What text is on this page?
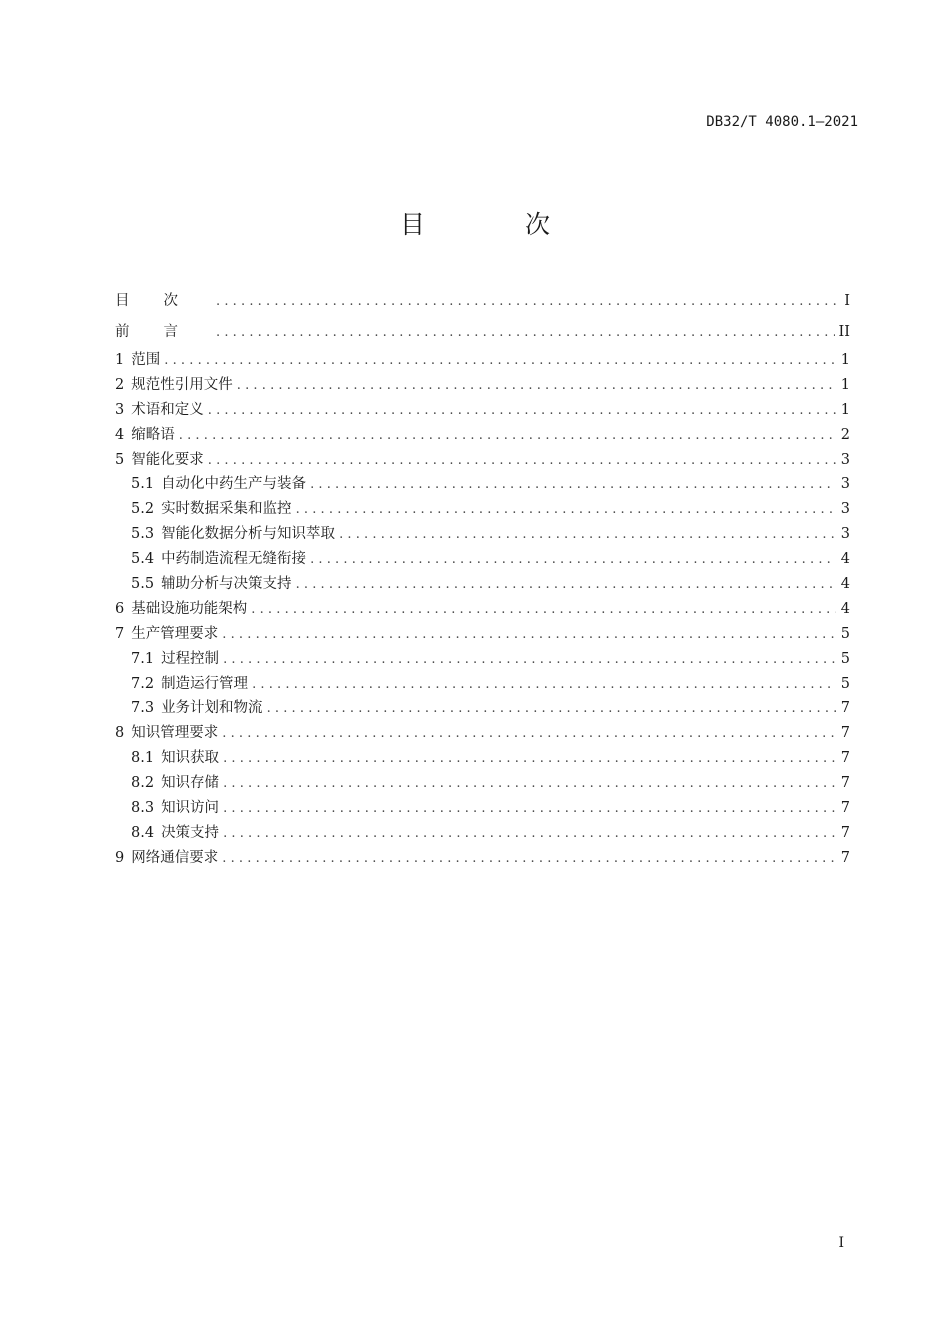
DB32/T 4080.1—2021
目 次
目次 .....	I
前言 .....	II
1 范围 .....	1
2 规范性引用文件 .....	1
3 术语和定义 .....	1
4 缩略语 .....	2
5 智能化要求 .....	3
5.1 自动化中药生产与装备 .....	3
5.2 实时数据采集和监控 .....	3
5.3 智能化数据分析与知识萃取 .....	3
5.4 中药制造流程无缝衔接 .....	4
5.5 辅助分析与决策支持 .....	4
6 基础设施功能架构 .....	4
7 生产管理要求 .....	5
7.1 过程控制 .....	5
7.2 制造运行管理 .....	5
7.3 业务计划和物流 .....	7
8 知识管理要求 .....	7
8.1 知识获取 .....	7
8.2 知识存储 .....	7
8.3 知识访问 .....	7
8.4 决策支持 .....	7
9 网络通信要求 .....	7
I
